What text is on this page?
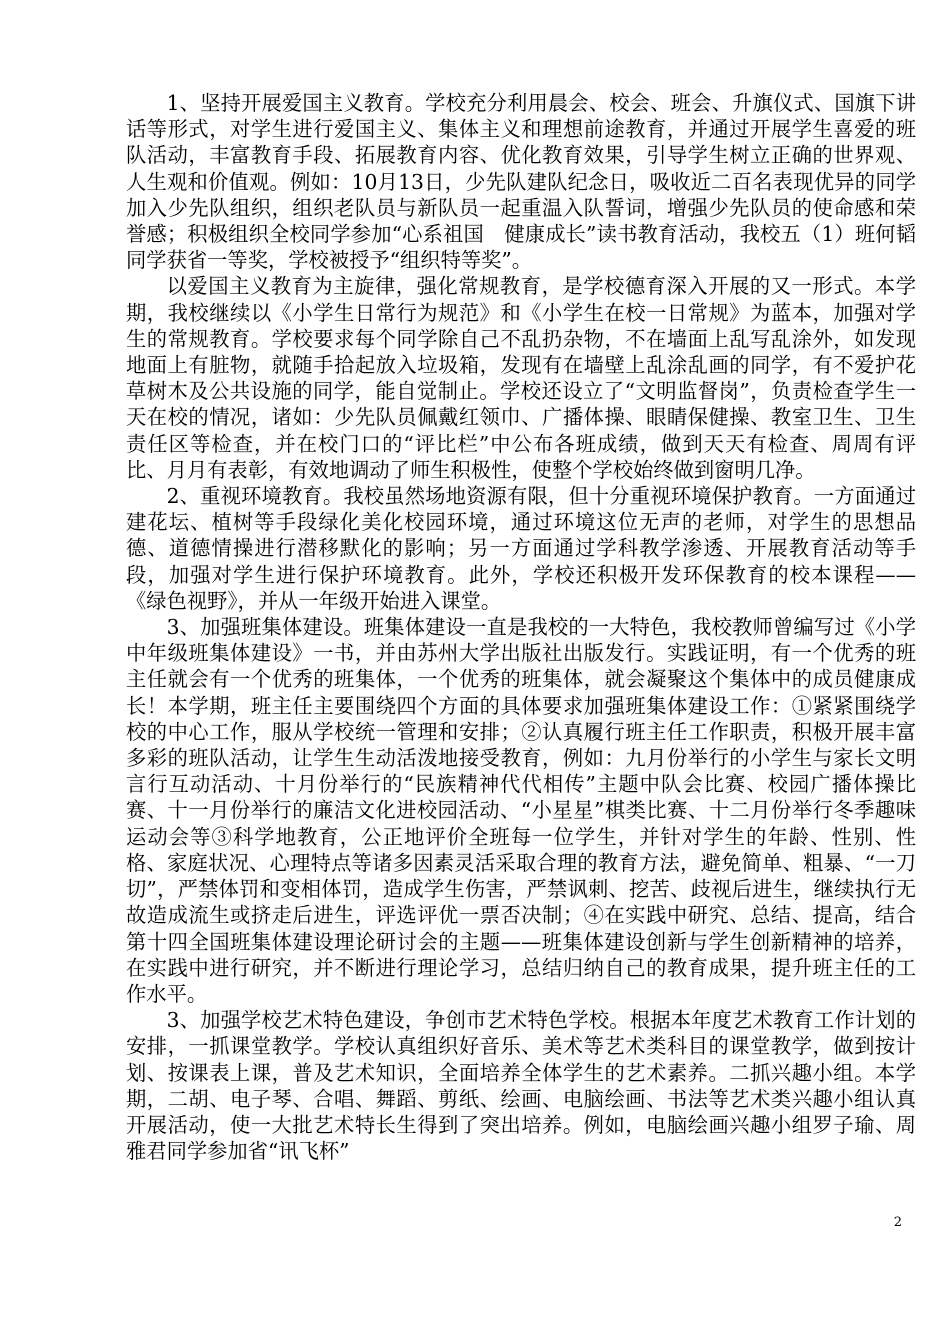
1、坚持开展爱国主义教育。学校充分利用晨会、校会、班会、升旗仪式、国旗下讲话等形式，对学生进行爱国主义、集体主义和理想前途教育，并通过开展学生喜爱的班队活动，丰富教育手段、拓展教育内容、优化教育效果，引导学生树立正确的世界观、人生观和价值观。例如：10月13日，少先队建队纪念日，吸收近二百名表现优异的同学加入少先队组织，组织老队员与新队员一起重温入队誓词，增强少先队员的使命感和荣誉感；积极组织全校同学参加“心系祖国　健康成长”读书教育活动，我校五（1）班何韬同学获省一等奖，学校被授予“组织特等奖”。

以爱国主义教育为主旋律，强化常规教育，是学校德育深入开展的又一形式。本学期，我校继续以《小学生日常行为规范》和《小学生在校一日常规》为蓝本，加强对学生的常规教育。学校要求每个同学除自己不乱扔杂物，不在墙面上乱写乱涂外，如发现地面上有脏物，就随手拾起放入垃圾箱，发现有在墙壁上乱涂乱画的同学，有不爱护花草树木及公共设施的同学，能自觉制止。学校还设立了“文明监督岗”，负责检查学生一天在校的情况，诸如：少先队员佩戴红领巾、广播体操、眼睛保健操、教室卫生、卫生责任区等检查，并在校门口的“评比栏”中公布各班成绩，做到天天有检查、周周有评比、月月有表彰，有效地调动了师生积极性，使整个学校始终做到窗明几净。

2、重视环境教育。我校虽然场地资源有限，但十分重视环境保护教育。一方面通过建花坛、植树等手段绿化美化校园环境，通过环境这位无声的老师，对学生的思想品德、道德情操进行潜移默化的影响；另一方面通过学科教学渗透、开展教育活动等手段，加强对学生进行保护环境教育。此外，学校还积极开发环保教育的校本课程——《绿色视野》，并从一年级开始进入课堂。

3、加强班集体建设。班集体建设一直是我校的一大特色，我校教师曾编写过《小学中年级班集体建设》一书，并由苏州大学出版社出版发行。实践证明，有一个优秀的班主任就会有一个优秀的班集体，一个优秀的班集体，就会凝聚这个集体中的成员健康成长！本学期，班主任主要围绕四个方面的具体要求加强班集体建设工作：①紧紧围绕学校的中心工作，服从学校统一管理和安排；②认真履行班主任工作职责，积极开展丰富多彩的班队活动，让学生生动活泼地接受教育，例如：九月份举行的小学生与家长文明言行互动活动、十月份举行的“民族精神代代相传”主题中队会比赛、校园广播体操比赛、十一月份举行的廉洁文化进校园活动、“小星星”棋类比赛、十二月份举行冬季趣味运动会等③科学地教育，公正地评价全班每一位学生，并针对学生的年龄、性别、性格、家庭状况、心理特点等诸多因素灵活采取合理的教育方法，避免简单、粗暴、“一刀切”，严禁体罚和变相体罚，造成学生伤害，严禁讽刺、挖苦、歧视后进生，继续执行无故造成流生或挤走后进生，评选评优一票否决制；④在实践中研究、总结、提高，结合第十四全国班集体建设理论研讨会的主题——班集体建设创新与学生创新精神的培养，在实践中进行研究，并不断进行理论学习，总结归纳自己的教育成果，提升班主任的工作水平。

3、加强学校艺术特色建设，争创市艺术特色学校。根据本年度艺术教育工作计划的安排，一抓课堂教学。学校认真组织好音乐、美术等艺术类科目的课堂教学，做到按计划、按课表上课，普及艺术知识，全面培养全体学生的艺术素养。二抓兴趣小组。本学期，二胡、电子琴、合唱、舞蹈、剪纸、绘画、电脑绘画、书法等艺术类兴趣小组认真开展活动，使一大批艺术特长生得到了突出培养。例如，电脑绘画兴趣小组罗子瑜、周雅君同学参加省“讯飞杯”

2
